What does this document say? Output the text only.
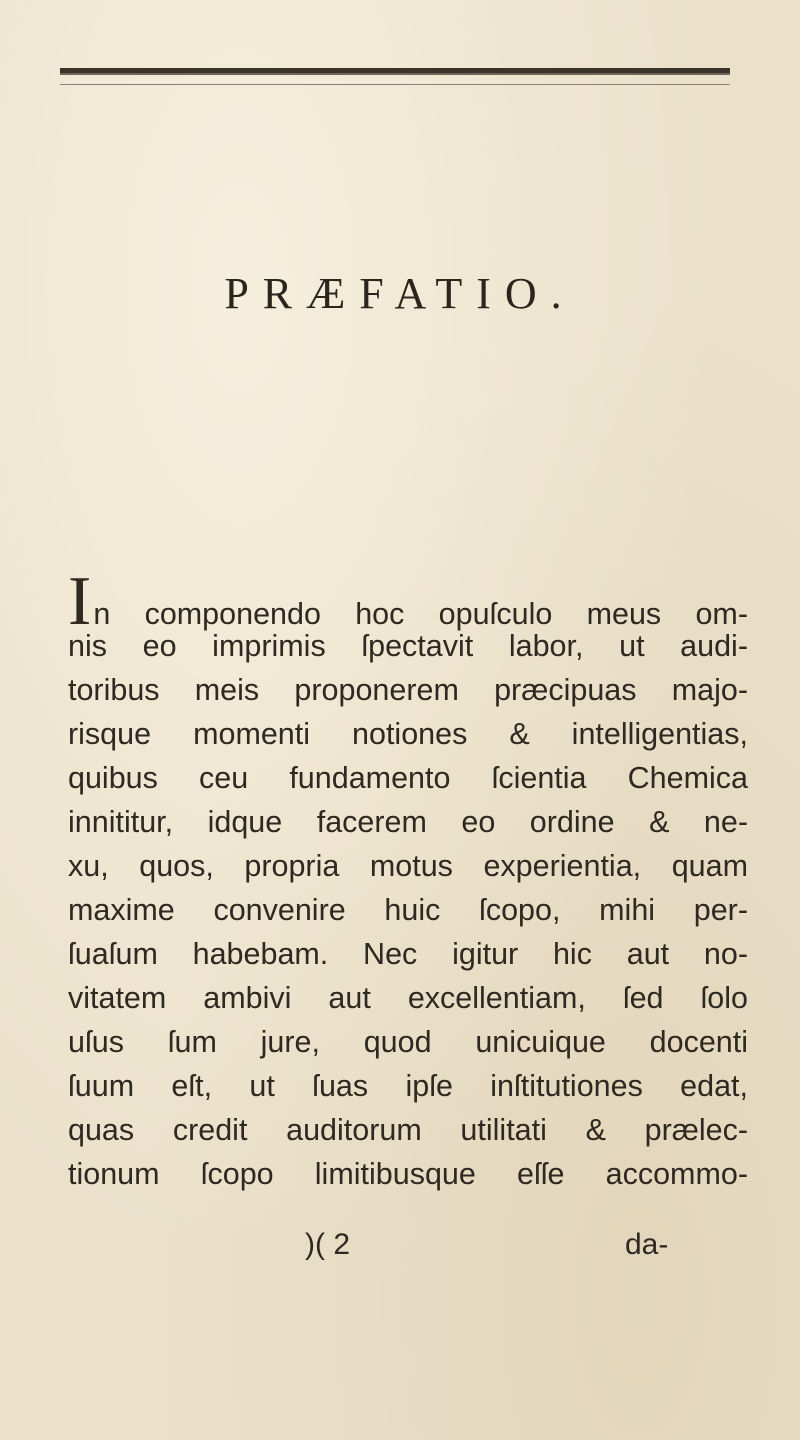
PRÆFATIO.
In componendo hoc opuſculo meus om-
nis eo imprimis ſpectavit labor, ut audi-
toribus meis proponerem præcipuas majo-
risque momenti notiones & intelligentias,
quibus ceu fundamento ſcientia Chemica
innititur, idque facerem eo ordine & ne-
xu, quos, propria motus experientia, quam
maxime convenire huic ſcopo, mihi per-
ſuaſum habebam. Nec igitur hic aut no-
vitatem ambivi aut excellentiam, ſed ſolo
uſus ſum jure, quod unicuique docenti
ſuum eſt, ut ſuas ipſe inſtitutiones edat,
quas credit auditorum utilitati & prælec-
tionum ſcopo limitibusque eſſe accommo-
)( 2	da-
